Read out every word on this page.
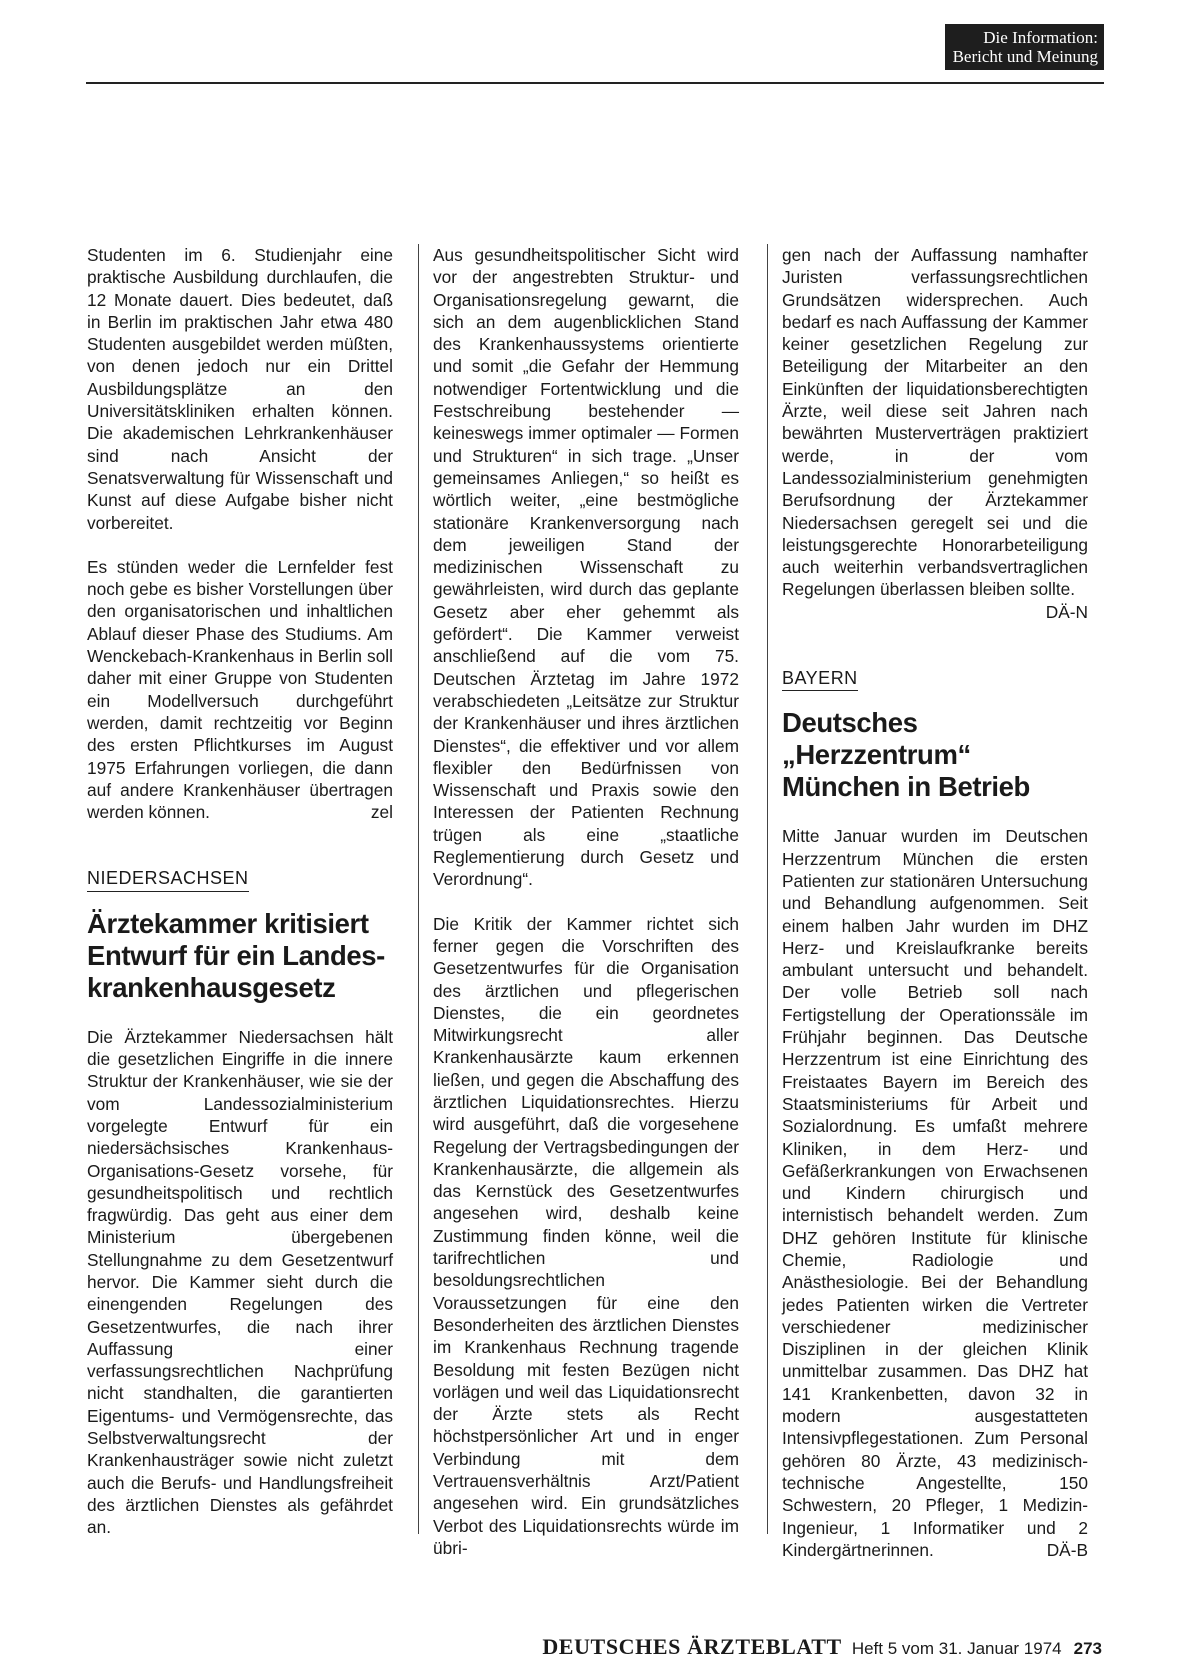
Die Information:
Bericht und Meinung

Studenten im 6. Studienjahr eine praktische Ausbildung durchlaufen, die 12 Monate dauert. Dies bedeutet, daß in Berlin im praktischen Jahr etwa 480 Studenten ausgebildet werden müßten, von denen jedoch nur ein Drittel Ausbildungsplätze an den Universitätskliniken erhalten können. Die akademischen Lehrkrankenhäuser sind nach Ansicht der Senatsverwaltung für Wissenschaft und Kunst auf diese Aufgabe bisher nicht vorbereitet.

Es stünden weder die Lernfelder fest noch gebe es bisher Vorstellungen über den organisatorischen und inhaltlichen Ablauf dieser Phase des Studiums. Am Wenckebach-Krankenhaus in Berlin soll daher mit einer Gruppe von Studenten ein Modellversuch durchgeführt werden, damit rechtzeitig vor Beginn des ersten Pflichtkurses im August 1975 Erfahrungen vorliegen, die dann auf andere Krankenhäuser übertragen werden können.	zel

NIEDERSACHSEN
Ärztekammer kritisiert Entwurf für ein Landes-krankenhausgesetz

Die Ärztekammer Niedersachsen hält die gesetzlichen Eingriffe in die innere Struktur der Krankenhäuser, wie sie der vom Landessozialministerium vorgelegte Entwurf für ein niedersächsisches Krankenhaus-Organisations-Gesetz vorsehe, für gesundheitspolitisch und rechtlich fragwürdig. Das geht aus einer dem Ministerium übergebenen Stellungnahme zu dem Gesetzentwurf hervor. Die Kammer sieht durch die einengenden Regelungen des Gesetzentwurfes, die nach ihrer Auffassung einer verfassungsrechtlichen Nachprüfung nicht standhalten, die garantierten Eigentums- und Vermögensrechte, das Selbstverwaltungsrecht der Krankenhausträger sowie nicht zuletzt auch die Berufs- und Handlungsfreiheit des ärztlichen Dienstes als gefährdet an.

Aus gesundheitspolitischer Sicht wird vor der angestrebten Struktur- und Organisationsregelung gewarnt, die sich an dem augenblicklichen Stand des Krankenhaussystems orientierte und somit „die Gefahr der Hemmung notwendiger Fortentwicklung und die Festschreibung bestehender — keineswegs immer optimaler — Formen und Strukturen“ in sich trage. „Unser gemeinsames Anliegen,“ so heißt es wörtlich weiter, „eine bestmögliche stationäre Krankenversorgung nach dem jeweiligen Stand der medizinischen Wissenschaft zu gewährleisten, wird durch das geplante Gesetz aber eher gehemmt als gefördert“. Die Kammer verweist anschließend auf die vom 75. Deutschen Ärztetag im Jahre 1972 verabschiedeten „Leitsätze zur Struktur der Krankenhäuser und ihres ärztlichen Dienstes“, die effektiver und vor allem flexibler den Bedürfnissen von Wissenschaft und Praxis sowie den Interessen der Patienten Rechnung trügen als eine „staatliche Reglementierung durch Gesetz und Verordnung“.

Die Kritik der Kammer richtet sich ferner gegen die Vorschriften des Gesetzentwurfes für die Organisation des ärztlichen und pflegerischen Dienstes, die ein geordnetes Mitwirkungsrecht aller Krankenhausärzte kaum erkennen ließen, und gegen die Abschaffung des ärztlichen Liquidationsrechtes. Hierzu wird ausgeführt, daß die vorgesehene Regelung der Vertragsbedingungen der Krankenhausärzte, die allgemein als das Kernstück des Gesetzentwurfes angesehen wird, deshalb keine Zustimmung finden könne, weil die tarifrechtlichen und besoldungsrechtlichen Voraussetzungen für eine den Besonderheiten des ärztlichen Dienstes im Krankenhaus Rechnung tragende Besoldung mit festen Bezügen nicht vorlägen und weil das Liquidationsrecht der Ärzte stets als Recht höchstpersönlicher Art und in enger Verbindung mit dem Vertrauensverhältnis Arzt/Patient angesehen wird. Ein grundsätzliches Verbot des Liquidationsrechts würde im übri-

gen nach der Auffassung namhafter Juristen verfassungsrechtlichen Grundsätzen widersprechen. Auch bedarf es nach Auffassung der Kammer keiner gesetzlichen Regelung zur Beteiligung der Mitarbeiter an den Einkünften der liquidationsberechtigten Ärzte, weil diese seit Jahren nach bewährten Musterverträgen praktiziert werde, in der vom Landessozialministerium genehmigten Berufsordnung der Ärztekammer Niedersachsen geregelt sei und die leistungsgerechte Honorarbeteiligung auch weiterhin verbandsvertraglichen Regelungen überlassen bleiben sollte.
DÄ-N

BAYERN
Deutsches „Herzzentrum“ München in Betrieb

Mitte Januar wurden im Deutschen Herzzentrum München die ersten Patienten zur stationären Untersuchung und Behandlung aufgenommen. Seit einem halben Jahr wurden im DHZ Herz- und Kreislaufkranke bereits ambulant untersucht und behandelt. Der volle Betrieb soll nach Fertigstellung der Operationssäle im Frühjahr beginnen. Das Deutsche Herzzentrum ist eine Einrichtung des Freistaates Bayern im Bereich des Staatsministeriums für Arbeit und Sozialordnung. Es umfaßt mehrere Kliniken, in dem Herz- und Gefäßerkrankungen von Erwachsenen und Kindern chirurgisch und internistisch behandelt werden. Zum DHZ gehören Institute für klinische Chemie, Radiologie und Anästhesiologie. Bei der Behandlung jedes Patienten wirken die Vertreter verschiedener medizinischer Disziplinen in der gleichen Klinik unmittelbar zusammen. Das DHZ hat 141 Krankenbetten, davon 32 in modern ausgestatteten Intensivpflegestationen. Zum Personal gehören 80 Ärzte, 43 medizinisch-technische Angestellte, 150 Schwestern, 20 Pfleger, 1 Medizin-Ingenieur, 1 Informatiker und 2 Kindergärtnerinnen.	DÄ-B

DEUTSCHES ÄRZTEBLATT Heft 5 vom 31. Januar 1974 273
